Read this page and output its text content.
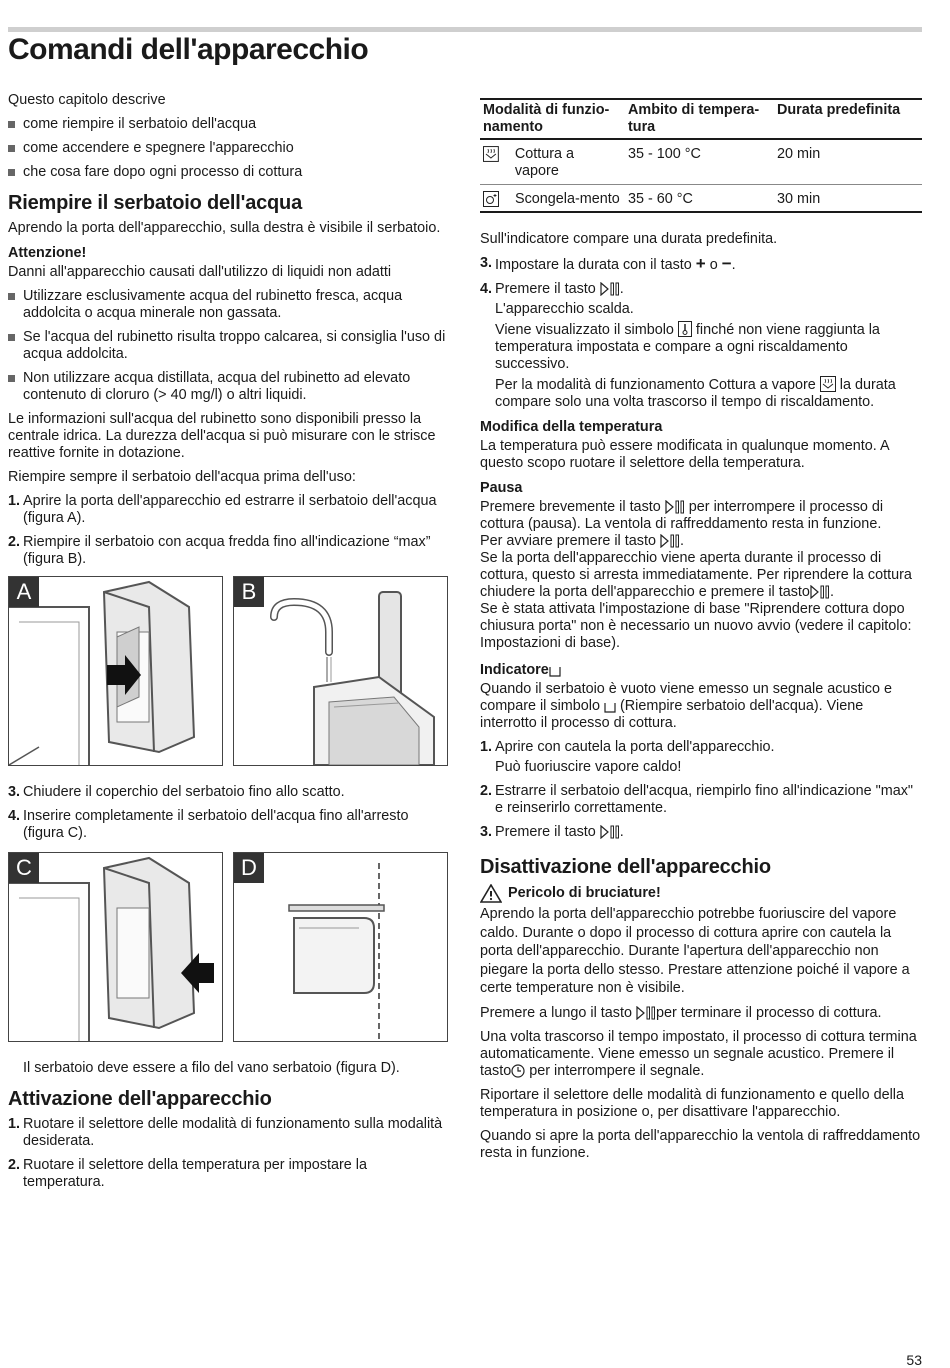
Comandi dell'apparecchio

Questo capitolo descrive

come riempire il serbatoio dell'acqua
come accendere e spegnere l'apparecchio
che cosa fare dopo ogni processo di cottura
Riempire il serbatoio dell'acqua

Aprendo la porta dell'apparecchio, sulla destra è visibile il serbatoio.

Attenzione!

Danni all'apparecchio causati dall'utilizzo di liquidi non adatti

Utilizzare esclusivamente acqua del rubinetto fresca, acqua addolcita o acqua minerale non gassata.
Se l'acqua del rubinetto risulta troppo calcarea, si consiglia l'uso di acqua addolcita.
Non utilizzare acqua distillata, acqua del rubinetto ad elevato contenuto di cloruro (> 40 mg/l) o altri liquidi.

Le informazioni sull'acqua del rubinetto sono disponibili presso la centrale idrica. La durezza dell'acqua si può misurare con le strisce reattive fornite in dotazione.

Riempire sempre il serbatoio dell'acqua prima dell'uso:

1. Aprire la porta dell'apparecchio ed estrarre il serbatoio dell'acqua (figura A).
2. Riempire il serbatoio con acqua fredda fino all'indicazione “max” (figura B).
A	B
3. Chiudere il coperchio del serbatoio fino allo scatto.
4. Inserire completamente il serbatoio dell'acqua fino all'arresto (figura C).
C	D

Il serbatoio deve essere a filo del vano serbatoio (figura D).

Attivazione dell'apparecchio
1. Ruotare il selettore delle modalità di funzionamento sulla modalità desiderata.
2. Ruotare il selettore della temperatura per impostare la temperatura.
Modalità di funzio-namento	Ambito di tempera-tura	Durata predefinita

Cottura a vapore	35 - 100 °C	20 min

Scongela-mento	35 - 60 °C	30 min

Sull'indicatore compare una durata predefinita.

3. Impostare la durata con il tasto + o −.
4. Premere il tasto .
L'apparecchio scalda.
Viene visualizzato il simbolo finché non viene raggiunta la temperatura impostata e compare a ogni riscaldamento successivo.
Per la modalità di funzionamento Cottura a vapore la durata compare solo una volta trascorso il tempo di riscaldamento.
Modifica della temperatura

La temperatura può essere modificata in qualunque momento. A questo scopo ruotare il selettore della temperatura.

Pausa

Premere brevemente il tasto per interrompere il processo di cottura (pausa). La ventola di raffreddamento resta in funzione.

Per avviare premere il tasto .

Se la porta dell'apparecchio viene aperta durante il processo di cottura, questo si arresta immediatamente. Per riprendere la cottura chiudere la porta dell'apparecchio e premere il tasto .

Se è stata attivata l'impostazione di base "Riprendere cottura dopo chiusura porta" non è necessario un nuovo avvio (vedere il capitolo: Impostazioni di base).

Indicatore

Quando il serbatoio è vuoto viene emesso un segnale acustico e compare il simbolo (Riempire serbatoio dell'acqua). Viene interrotto il processo di cottura.

1. Aprire con cautela la porta dell'apparecchio.
Può fuoriuscire vapore caldo!
2. Estrarre il serbatoio dell'acqua, riempirlo fino all'indicazione "max" e reinserirlo correttamente.
3. Premere il tasto .
Disattivazione dell'apparecchio
Pericolo di bruciature!

Aprendo la porta dell'apparecchio potrebbe fuoriuscire del vapore caldo. Durante o dopo il processo di cottura aprire con cautela la porta dell'apparecchio. Durante l'apertura dell'apparecchio non piegare la porta dello stesso. Prestare attenzione poiché il vapore a certe temperature non è visibile.

Premere a lungo il tasto per terminare il processo di cottura.

Una volta trascorso il tempo impostato, il processo di cottura termina automaticamente. Viene emesso un segnale acustico. Premere il tasto per interrompere il segnale.

Riportare il selettore delle modalità di funzionamento e quello della temperatura in posizione o, per disattivare l'apparecchio.

Quando si apre la porta dell'apparecchio la ventola di raffreddamento resta in funzione.

53
